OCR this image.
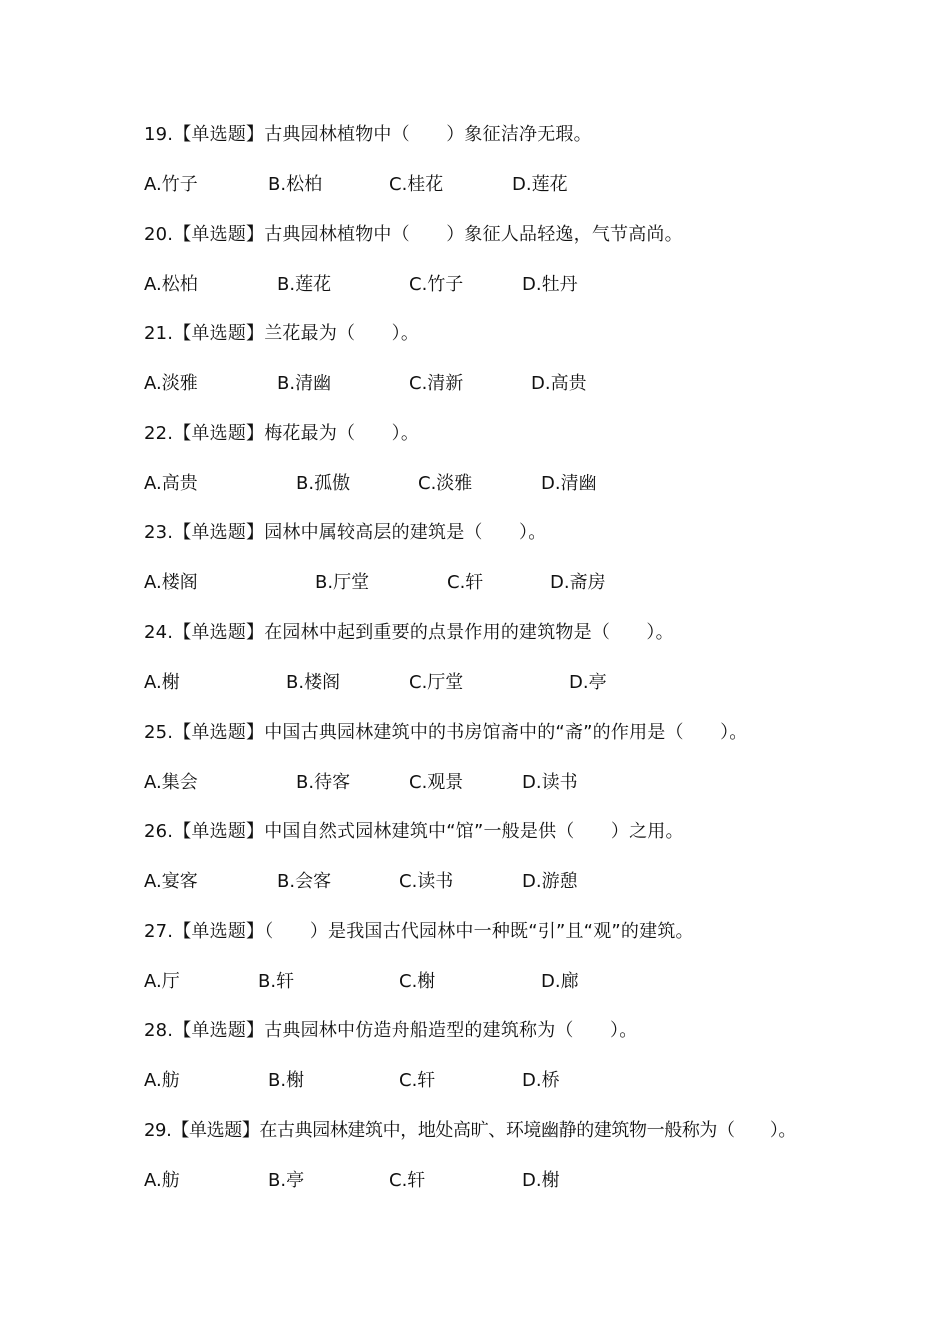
19.【单选题】古典园林植物中（　　）象征洁净无瑕。
A.竹子	B.松柏	C.桂花	D.莲花
20.【单选题】古典园林植物中（　　）象征人品轻逸，气节高尚。
A.松柏	B.莲花	C.竹子	D.牡丹
21.【单选题】兰花最为（　　）。
A.淡雅	B.清幽	C.清新	D.高贵
22.【单选题】梅花最为（　　）。
A.高贵	B.孤傲	C.淡雅	D.清幽
23.【单选题】园林中属较高层的建筑是（　　）。
A.楼阁	B.厅堂	C.轩	D.斋房
24.【单选题】在园林中起到重要的点景作用的建筑物是（　　）。
A.榭	B.楼阁	C.厅堂	D.亭
25.【单选题】中国古典园林建筑中的书房馆斋中的“斋”的作用是（　　）。
A.集会	B.待客	C.观景	D.读书
26.【单选题】中国自然式园林建筑中“馆”一般是供（　　）之用。
A.宴客	B.会客	C.读书	D.游憩
27.【单选题】（　　）是我国古代园林中一种既“引”且“观”的建筑。
A.厅	B.轩	C.榭	D.廊
28.【单选题】古典园林中仿造舟船造型的建筑称为（　　）。
A.舫	B.榭	C.轩	D.桥
29.【单选题】在古典园林建筑中，地处高旷、环境幽静的建筑物一般称为（　　）。
A.舫	B.亭	C.轩	D.榭
